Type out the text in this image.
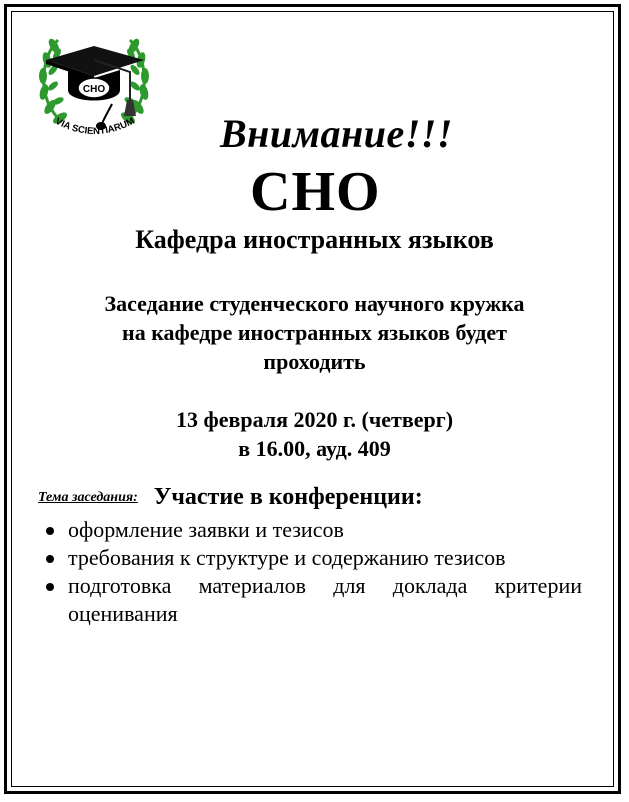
СНО
VIA SCIENTIARUM Внимание!!!
СНО
Кафедра иностранных языков
Заседание студенческого научного кружка
на кафедре иностранных языков будет
проходить
13 февраля 2020 г. (четверг)
в 16.00, ауд. 409
Тема заседания: Участие в конференции:
оформление заявки и тезисов
требования к структуре и содержанию тезисов
подготовка материалов для доклада критерии оценивания
